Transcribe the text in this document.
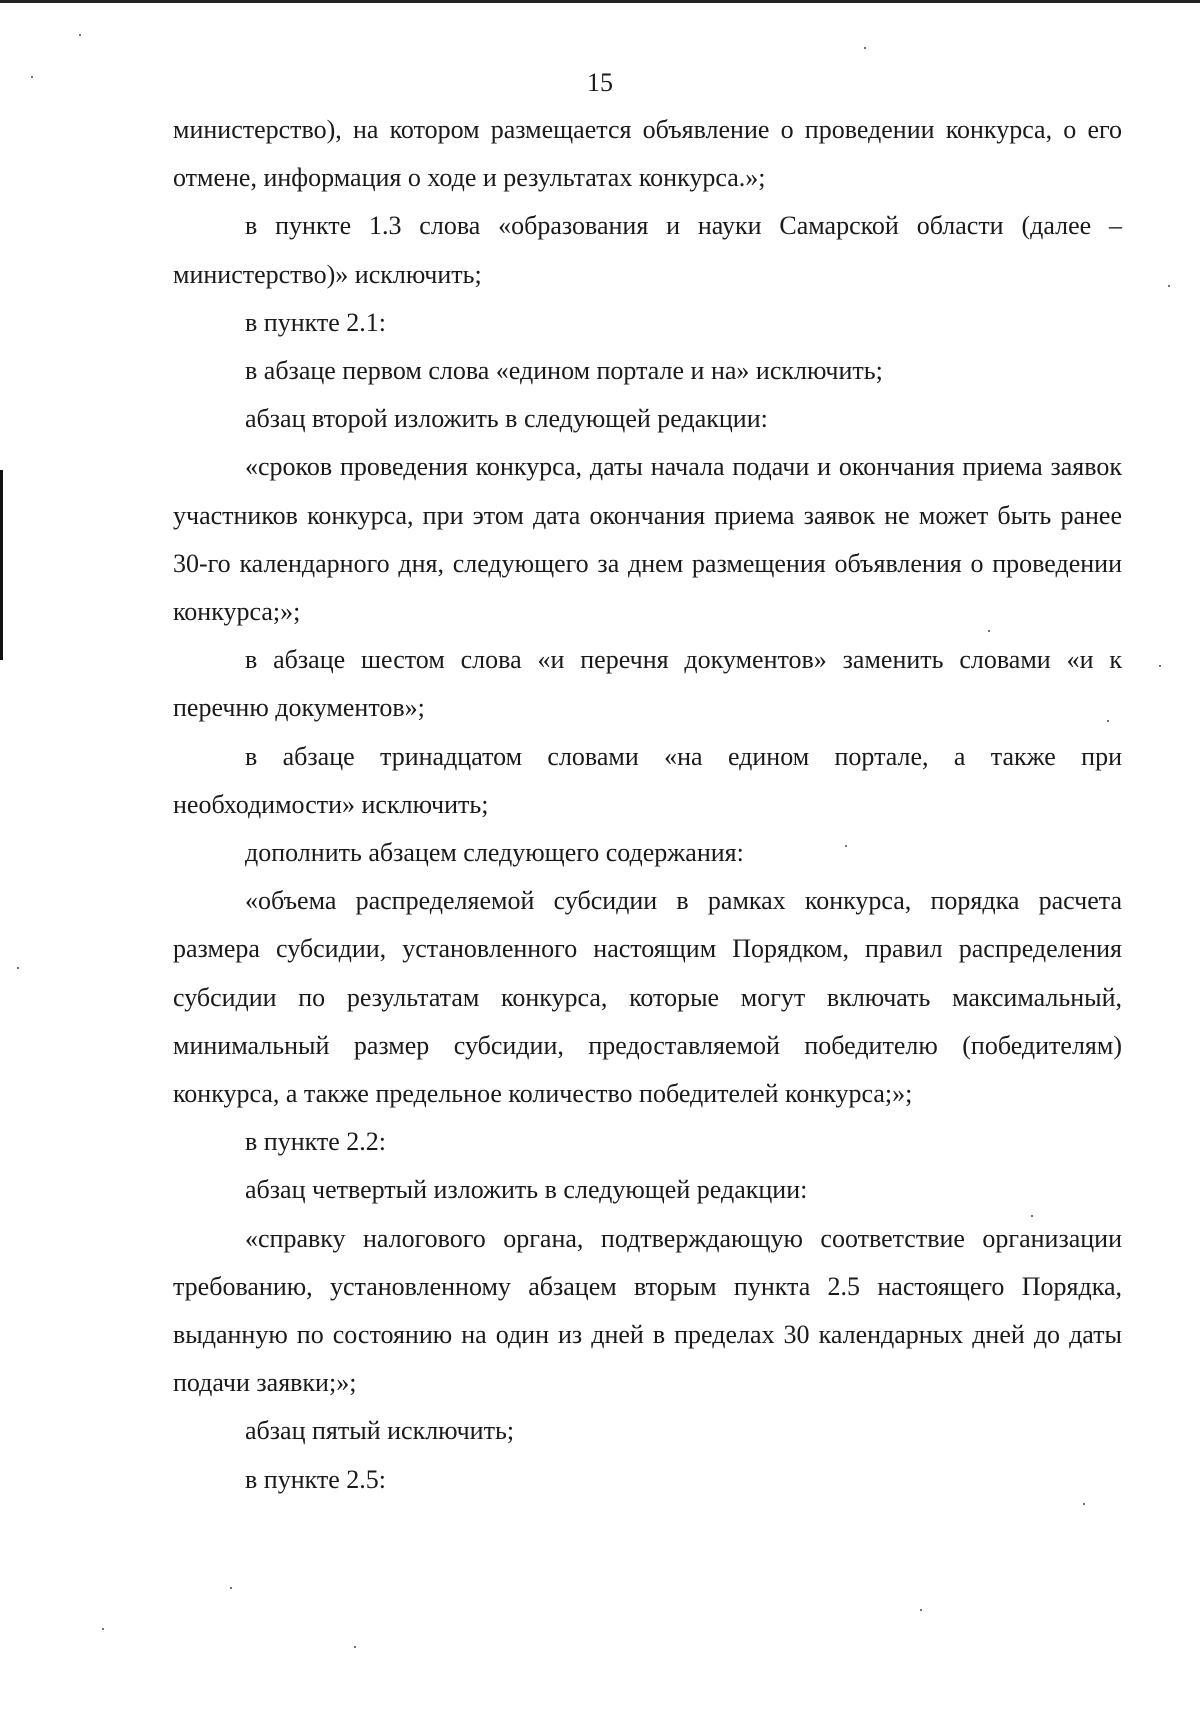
15

министерство), на котором размещается объявление о проведении конкурса, о его отмене, информация о ходе и результатах конкурса.»;

в пункте 1.3 слова «образования и науки Самарской области (далее – министерство)» исключить;

в пункте 2.1:

в абзаце первом слова «едином портале и на» исключить;

абзац второй изложить в следующей редакции:

«сроков проведения конкурса, даты начала подачи и окончания приема заявок участников конкурса, при этом дата окончания приема заявок не может быть ранее 30-го календарного дня, следующего за днем размещения объявления о проведении конкурса;»;

в абзаце шестом слова «и перечня документов» заменить словами «и к перечню документов»;

в абзаце тринадцатом словами «на едином портале, а также при необходимости» исключить;

дополнить абзацем следующего содержания:

«объема распределяемой субсидии в рамках конкурса, порядка расчета размера субсидии, установленного настоящим Порядком, правил распределения субсидии по результатам конкурса, которые могут включать максимальный, минимальный размер субсидии, предоставляемой победителю (победителям) конкурса, а также предельное количество победителей конкурса;»;

в пункте 2.2:

абзац четвертый изложить в следующей редакции:

«справку налогового органа, подтверждающую соответствие организации требованию, установленному абзацем вторым пункта 2.5 настоящего Порядка, выданную по состоянию на один из дней в пределах 30 календарных дней до даты подачи заявки;»;

абзац пятый исключить;

в пункте 2.5:
